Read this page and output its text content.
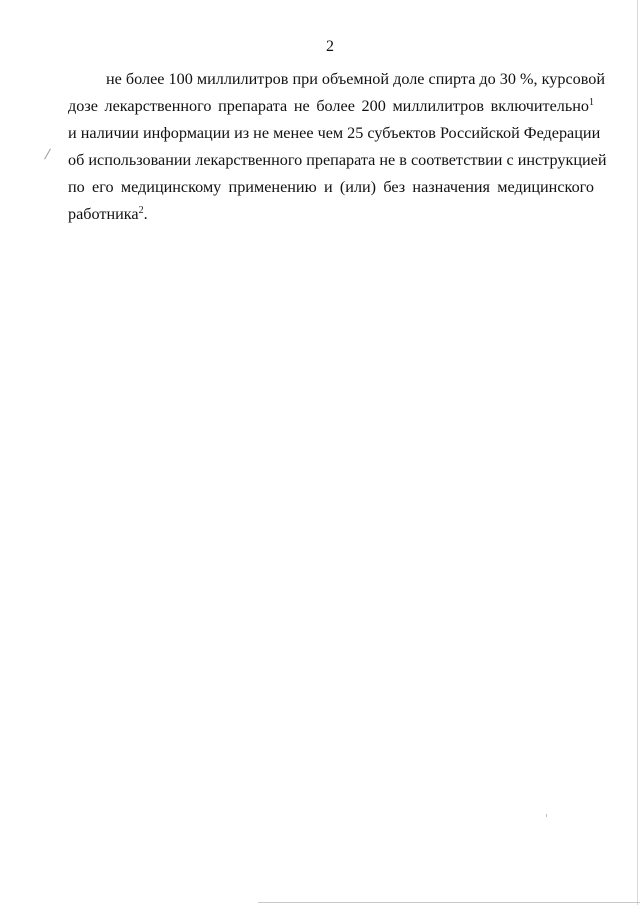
2
не более 100 миллилитров при объемной доле спирта до 30 %, курсовой
дозе лекарственного препарата не более 200 миллилитров включительно$^1$
и наличии информации из не менее чем 25 субъектов Российской Федерации
об использовании лекарственного препарата не в соответствии с инструкцией
по его медицинскому применению и (или) без назначения медицинского
работника$^2$.
